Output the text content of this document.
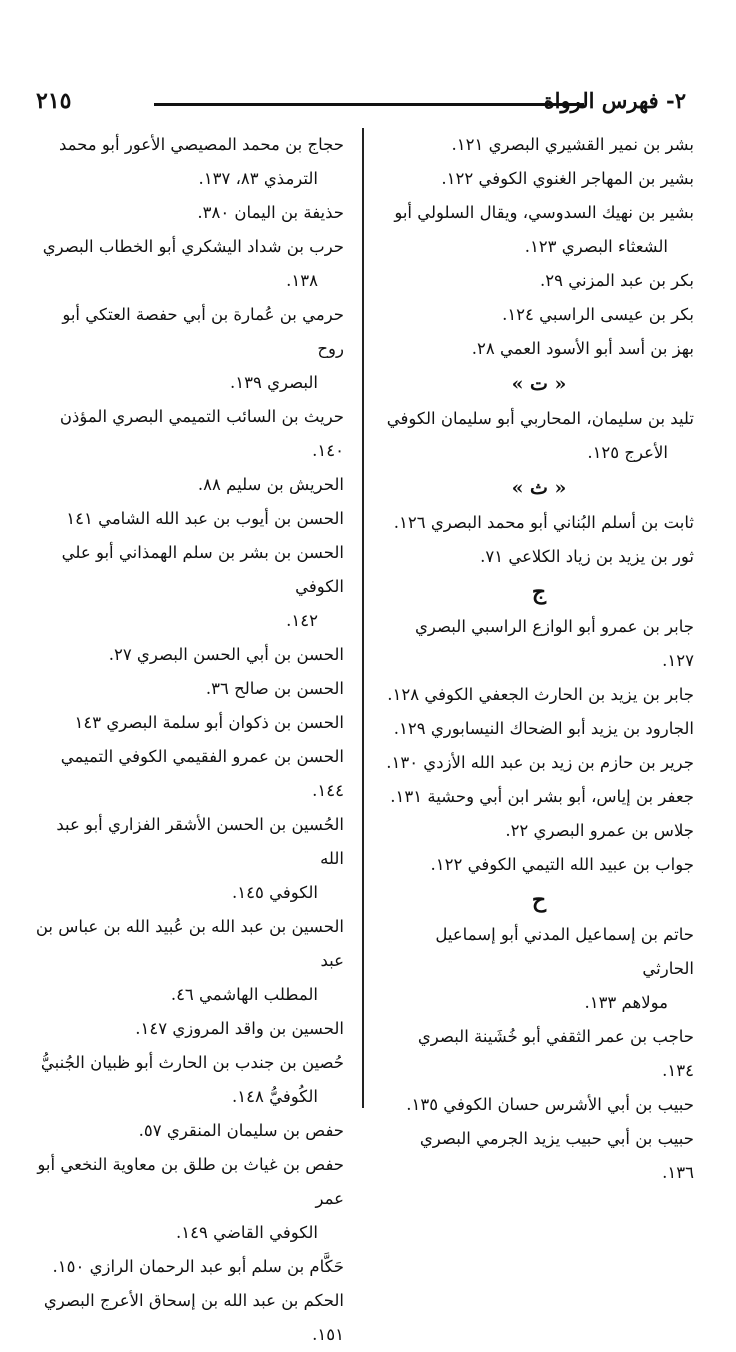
٢١٥	٢- فهرس الرواة
بشر بن نمير القشيري البصري ١٢١.
بشير بن المهاجر الغنوي الكوفي ١٢٢.
بشير بن نهيك السدوسي، ويقال السلولي أبو
الشعثاء البصري ١٢٣.
بكر بن عبد المزني ٢٩.
بكر بن عيسى الراسبي ١٢٤.
بهز بن أسد أبو الأسود العمي ٢٨.
« ت »
تليد بن سليمان، المحاربي أبو سليمان الكوفي
الأعرج ١٢٥.
« ث »
ثابت بن أسلم البُناني أبو محمد البصري ١٢٦.
ثور بن يزيد بن زياد الكلاعي ٧١.
ج
جابر بن عمرو أبو الوازع الراسبي البصري ١٢٧.
جابر بن يزيد بن الحارث الجعفي الكوفي ١٢٨.
الجارود بن يزيد أبو الضحاك النيسابوري ١٢٩.
جرير بن حازم بن زيد بن عبد الله الأزدي ١٣٠.
جعفر بن إياس، أبو بشر ابن أبي وحشية ١٣١.
جلاس بن عمرو البصري ٢٢.
جواب بن عبيد الله التيمي الكوفي ١٢٢.
ح
حاتم بن إسماعيل المدني أبو إسماعيل الحارثي
مولاهم ١٣٣.
حاجب بن عمر الثقفي أبو خُشَينة البصري ١٣٤.
حبيب بن أبي الأشرس حسان الكوفي ١٣٥.
حبيب بن أبي حبيب يزيد الجرمي البصري ١٣٦.
حجاج بن محمد المصيصي الأعور أبو محمد
الترمذي ٨٣، ١٣٧.
حذيفة بن اليمان ٣٨٠.
حرب بن شداد اليشكري أبو الخطاب البصري
١٣٨.
حرمي بن عُمارة بن أبي حفصة العتكي أبو روح
البصري ١٣٩.
حريث بن السائب التميمي البصري المؤذن ١٤٠.
الحريش بن سليم ٨٨.
الحسن بن أيوب بن عبد الله الشامي ١٤١
الحسن بن بشر بن سلم الهمذاني أبو علي الكوفي
١٤٢.
الحسن بن أبي الحسن البصري ٢٧.
الحسن بن صالح ٣٦.
الحسن بن ذكوان أبو سلمة البصري ١٤٣
الحسن بن عمرو الفقيمي الكوفي التميمي ١٤٤.
الحُسين بن الحسن الأشقر الفزاري أبو عبد الله
الكوفي ١٤٥.
الحسين بن عبد الله بن عُبيد الله بن عباس بن عبد
المطلب الهاشمي ٤٦.
الحسين بن واقد المروزي ١٤٧.
حُصين بن جندب بن الحارث أبو ظبيان الجُنبيُّ
الكُوفيُّ ١٤٨.
حفص بن سليمان المنقري ٥٧.
حفص بن غياث بن طلق بن معاوية النخعي أبو عمر
الكوفي القاضي ١٤٩.
حَكَّام بن سلم أبو عبد الرحمان الرازي ١٥٠.
الحكم بن عبد الله بن إسحاق الأعرج البصري ١٥١.
